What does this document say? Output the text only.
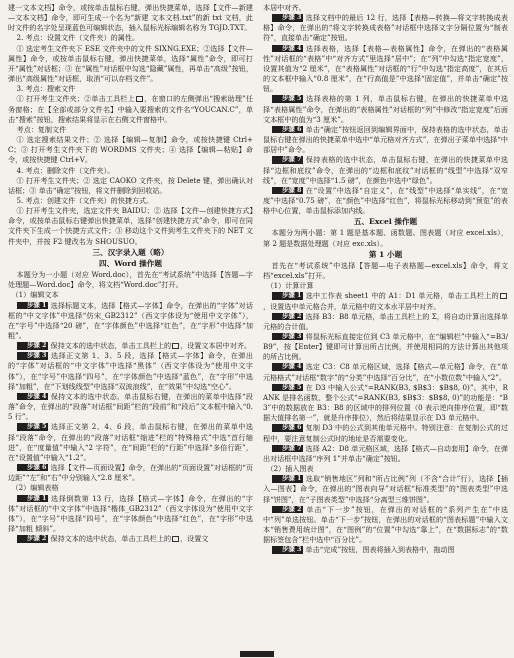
建一文本文档】命令，或按单击鼠标右键，弹出快捷菜单，选择【文件—新建—文本文档】命令，即可生成一个名为“新建 文本文档.txt”的新 txt 文档，此时文件的名字处呈现蓝色可编辑状态，插入鼠标光标编辑名称为 TGJD.TXT。

2. 考点：设置文件（文件夹）的属性。

① 选定考生文件夹下 ESE 文件夹中的文件 SIXNG.EXE；②选择【文件—属性】命令，或按单击鼠标右键，弹出快捷菜单，选择“属性”命令，即可打开“属性”对话框；③ 在“属性”对话框中勾选“隐藏”属性，再单击“高级”按钮，弹出“高级属性”对话框，取消“可以存档文件”。

3. 考点：搜索文件

① 打开考生文件夹；②单击工具栏上 ，在窗口的左侧弹出“搜索助理”任务窗格；在【全部或部分文件名】中输入要搜索的文件名“YOUCAN.C”，单击“搜索”按钮，搜索结果将显示在右侧文件窗格中。

考点：复制文件

① 选定搜索结果文件；② 选择【编辑—复制】命令，或按快捷键 Ctrl+C；③ 打开考生文件夹下的 WORDMS 文件夹；④ 选择【编辑—粘贴】命令，或按快捷键 Ctrl+V。

4. 考点：删除文件（文件夹）。

① 打开考生文件夹；② 选定 CAOKO 文件夹，按 Delete 键，弹出确认对话框；③ 单击“确定”按钮，将文件删除到回收站。

5. 考点：创建文件（文件夹）的快捷方式。

① 打开考生文件夹，选定文件夹 BAIDU；② 选择【文件—创建快捷方式】命令，或按单击鼠标右键弹出快捷菜单，选择“创建快捷方式”命令，即可在同文件夹下生成一个快捷方式文件；③ 移动这个文件到考生文件夹下的 NET 文件夹中，并按 F2 键改名为 SHOUSUO。

三、汉字录入题（略）

四、Word 操作题

本题分为一小题（对应 Word.doc），首先在“考试系统”中选择【答题—字处理题—Word.doc】命令，将文档“Word.doc”打开。

（1）编辑文本

步骤 1 选择标题文本，选择【格式—字体】命令，在弹出的“字体”对话框的“中文字体”中选择“仿宋_GB2312”（西文字体设为“使用中文字体”），在“字号”中选择“20 磅”，在“字体颜色”中选择“红色”，在“字形”中选择“加粗”。

步骤 2 保持文本的选中状态，单击工具栏上的 ，设置文本居中对齐。

步骤 3 选择正文第 1、3、5 段，选择【格式—字体】命令，在弹出的“字体”对话框的“中文字体”中选择“黑体”（西文字体设为“使用中文字体”），在“字号”中选择“四号”，在“字体颜色”中选择“蓝色”，在“字形”中选择“加粗”，在“下划线线型”中选择“双波浪线”，在“效果”中勾选“空心”。

步骤 4 保持文本的选中状态，单击鼠标右键，在弹出的菜单中选择“段落”命令，在弹出的“段落”对话框“间距”栏的“段前”和“段后”文本框中输入“0.5 行”。

步骤 5 选择正文第 2、4、6 段，单击鼠标右键，在弹出的菜单中选择“段落”命令，在弹出的“段落”对话框“缩进”栏的“特殊格式”中选“首行缩进”，在“度量值”中输入“2 字符”，在“间距”栏的“行距”中选择“多倍行距”，在“设置值”中输入“1.2”。

步骤 6 选择【文件—页面设置】命令，在弹出的“页面设置”对话框的“页边距”“左”和“右”中分别输入“2.8 厘米”。

（2）编辑表格

步骤 1 选择倒数第 13 行，选择【格式—字体】命令，在弹出的“字体”对话框的“中文字体”中选择“楷体_GB2312”（西文字体设为“使用中文字体”），在“字号”中选择“四号”，在“字体颜色”中选择“红色”，在“字形”中选择“加粗 倾斜”。

步骤 2 保持文本的选中状态，单击工具栏上的 ，设置文

本居中对齐。

步骤 3 选择文档中的最后 12 行，选择【表格—转换—将文字转换成表格】命令，在弹出的“将文字转换成表格”对话框中选择文字分隔位置为“制表符”，直接单击“确定”按钮。

步骤 4 选择表格，选择【表格—表格属性】命令，在弹出的“表格属性”对话框的“表格”中“对齐方式”里选择“居中”；在“列”中勾选“指定宽度”，设置其值为“2 厘米”，在“表格属性”对话框的“行”中勾选“指定高度”，在其后的文本框中输入“0.8 厘米”，在“行高值是”中选择“固定值”，并单击“确定”按钮。

步骤 5 选择表格的第 1 列，单击鼠标右键，在弹出的快捷菜单中选择“表格属性”命令，在弹出的“表格属性”对话框的“列”中修改“指定宽度”后面文本框中的值为“3 厘米”。

步骤 6 单击“确定”按钮返回到编辑界面中，保持表格的选中状态，单击鼠标右键在弹出的快捷菜单中选中“单元格对齐方式”，在弹出子菜单中选择“中部居中”命令。

步骤 7 保持表格的选中状态，单击鼠标右键，在弹出的快捷菜单中选择“边框和底纹”命令，在弹出的“边框和底纹”对话框的“线型”中选择“双窄线”，在“宽度”中选择“1.5 磅”，在颜色中选中“绿色”。

步骤 8 在“设置”中选择“自定义”，在“线型”中选择“单实线”，在“宽度”中选择“0.75 磅”，在“颜色”中选择“红色”，将鼠标光标移动到“预览”的表格中心位置，单击鼠标添加内线。

五、Excel 操作题

本题分为两小题：第 1 题是基本题、函数题、图表题（对应 excel.xls），第 2 题是数据处理题（对应 exc.xls）。

第 1 小题

首先在“考试系统”中选择【答题—电子表格题—excel.xls】命令，将文档“excel.xls”打开。

（1）计算计算

步骤 1 选中工作表 sheet1 中的 A1：D1 单元格，单击工具栏上的，设置选中单元格合并，单元格中的文本水平居中对齐。

步骤 2 选择 B3：B8 单元格，单击工具栏上的 Σ，将自动计算出选择单元格的合计值。

步骤 3 将鼠标光标直接定位到 C3 单元格中，在“编辑栏”中输入“=B3/B9”，按【Enter】键即可计算出所占比例，并使用相同的方法计算出其他项的所占比例。

步骤 4 选定 C3：C8 单元格区域，选择【格式—单元格】命令，在“单元格格式”对话框“数字”的“分类”中选择“百分比”，在“小数位数”中输入“2”。

步骤 5 在 D3 中输入公式“=RANK(B3, $B$3：$B$8, 0)”。其中，RANK 是排名函数，整个公式“=RANK(B3, $B$3：$B$8, 0)”的功能是：“B3”中的数据放在 B3：B8 的区域中的排列位置（0 表示逆向排序位置，即“数据大值排名第一”，就是升序排位），然后将结果显示在 D3 单元格中。

步骤 6 复制 D3 中的公式到其他单元格中。特别注意：在复制公式的过程中，要注意复制公式时的地址是否需要变化。

步骤 7 选择 A2：D8 单元格区域，选择【格式—自动套用】命令，在弹出对话框中选择“序列 1”并单击“确定”按钮。

（2）插入图表

步骤 1 选取“销售地区”列和“所占比例”列（不含“合计”行），选择【插入—图表】命令，在弹出的“图表向导”对话框“标准类型”的“图表类型”中选择“饼图”，在“子图表类型”中选择“分离型三维饼图”。

步骤 2 单击“下一步”按钮，在弹出的对话框的“系列产生在”中选中“列”单选按钮。单击“下一步”按钮，在弹出的对话框的“图表标题”中输入文本“销售费用统计图”，在“图例”的“位置”中勾选“靠上”，在“数据标志”的“数据标签包含”栏中选中“百分比”。

步骤 3 单击“完成”按钮，图表将插入到表格中，拖动图
